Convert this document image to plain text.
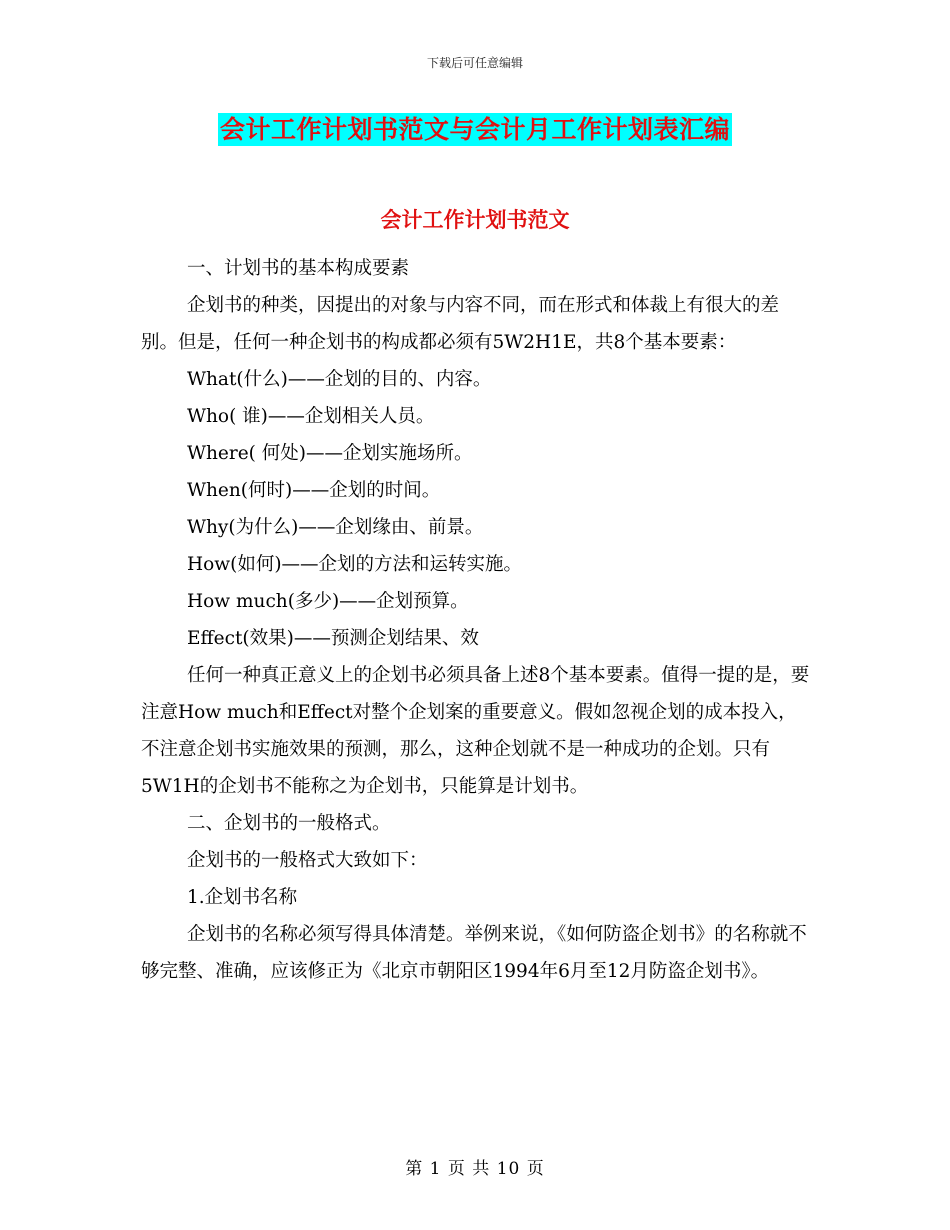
下载后可任意编辑
会计工作计划书范文与会计月工作计划表汇编
会计工作计划书范文

一、计划书的基本构成要素

企划书的种类，因提出的对象与内容不同，而在形式和体裁上有很大的差别。但是，任何一种企划书的构成都必须有5W2H1E，共8个基本要素：

What(什么)——企划的目的、内容。

Who( 谁)——企划相关人员。

Where( 何处)——企划实施场所。

When(何时)——企划的时间。

Why(为什么)——企划缘由、前景。

How(如何)——企划的方法和运转实施。

How much(多少)——企划预算。

Effect(效果)——预测企划结果、效

任何一种真正意义上的企划书必须具备上述8个基本要素。值得一提的是，要注意How much和Effect对整个企划案的重要意义。假如忽视企划的成本投入，不注意企划书实施效果的预测，那么，这种企划就不是一种成功的企划。只有5W1H的企划书不能称之为企划书，只能算是计划书。

二、企划书的一般格式。

企划书的一般格式大致如下：

1.企划书名称

企划书的名称必须写得具体清楚。举例来说，《如何防盗企划书》的名称就不够完整、准确，应该修正为《北京市朝阳区1994年6月至12月防盗企划书》。

第 1 页 共 10 页
